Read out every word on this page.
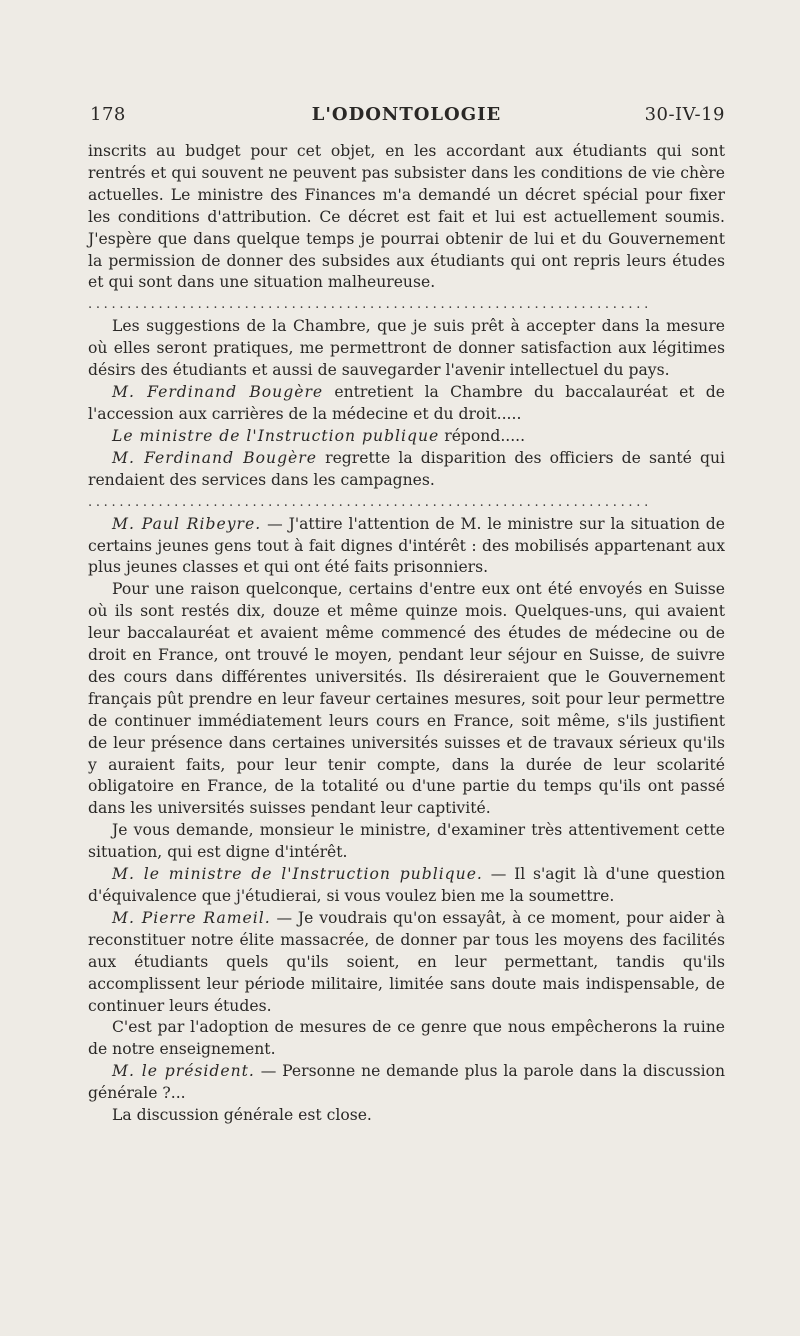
178	L'ODONTOLOGIE	30-IV-19

inscrits au budget pour cet objet, en les accordant aux étudiants qui sont rentrés et qui souvent ne peuvent pas subsister dans les conditions de vie chère actuelles. Le ministre des Finances m'a demandé un décret spécial pour fixer les conditions d'attribution. Ce décret est fait et lui est actuellement soumis. J'espère que dans quelque temps je pourrai obtenir de lui et du Gouvernement la permission de donner des subsides aux étudiants qui ont repris leurs études et qui sont dans une situation malheureuse.

........................................................................

Les suggestions de la Chambre, que je suis prêt à accepter dans la mesure où elles seront pratiques, me permettront de donner satisfaction aux légitimes désirs des étudiants et aussi de sauvegarder l'avenir intellectuel du pays.

M. Ferdinand Bougère entretient la Chambre du baccalauréat et de l'accession aux carrières de la médecine et du droit.....

Le ministre de l'Instruction publique répond.....

M. Ferdinand Bougère regrette la disparition des officiers de santé qui rendaient des services dans les campagnes.

........................................................................

M. Paul Ribeyre. — J'attire l'attention de M. le ministre sur la situation de certains jeunes gens tout à fait dignes d'intérêt : des mobilisés appartenant aux plus jeunes classes et qui ont été faits prisonniers.

Pour une raison quelconque, certains d'entre eux ont été envoyés en Suisse où ils sont restés dix, douze et même quinze mois. Quelques-uns, qui avaient leur baccalauréat et avaient même commencé des études de médecine ou de droit en France, ont trouvé le moyen, pendant leur séjour en Suisse, de suivre des cours dans différentes universités. Ils désireraient que le Gouvernement français pût prendre en leur faveur certaines mesures, soit pour leur permettre de continuer immédiatement leurs cours en France, soit même, s'ils justifient de leur présence dans certaines universités suisses et de travaux sérieux qu'ils y auraient faits, pour leur tenir compte, dans la durée de leur scolarité obligatoire en France, de la totalité ou d'une partie du temps qu'ils ont passé dans les universités suisses pendant leur captivité.

Je vous demande, monsieur le ministre, d'examiner très attentivement cette situation, qui est digne d'intérêt.

M. le ministre de l'Instruction publique. — Il s'agit là d'une question d'équivalence que j'étudierai, si vous voulez bien me la soumettre.

M. Pierre Rameil. — Je voudrais qu'on essayât, à ce moment, pour aider à reconstituer notre élite massacrée, de donner par tous les moyens des facilités aux étudiants quels qu'ils soient, en leur permettant, tandis qu'ils accomplissent leur période militaire, limitée sans doute mais indispensable, de continuer leurs études.

C'est par l'adoption de mesures de ce genre que nous empêcherons la ruine de notre enseignement.

M. le président. — Personne ne demande plus la parole dans la discussion générale ?...

La discussion générale est close.
